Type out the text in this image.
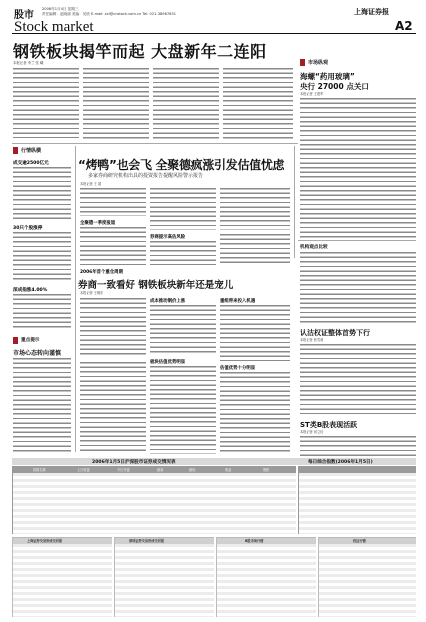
股市
Stock market
2006年1月4日 星期三
责任编辑：赵晓丽 美编：吴欣 E-mail: zxl@cnstock.com.cn Tel: 021-38967631	上海证券报
A2
钢铁板块揭竿而起 大盘新年二连阳
本报记者 李兰 张 曦	市场纵观
海螺“药用玻璃”
央行 27000 点关口
本报记者 王建军
行情纵横
成交逾2500亿元
30只个股涨停
深成指涨4.00%
重点提示
市场心态转向谨慎
“烤鸭”也会飞 全聚德疯涨引发估值忧虑
多家券商研究机构出具的投资报告提醒风险警示报告
本报记者 王 超
全聚德一季度报道
券商提示高估风险
2006年首个重仓周期
机构观点比较
认沽权证整体首势下行
本报记者 张雪莉
ST类B股表现活跃
本报记者 何立佳
券商一致看好 钢铁板块新年还是宠儿
本报记者 王桐东
成本推动钢价上涨
板块估值优势明显
重组带来投入机遇
估值优势十分明显
2006年1月5日沪深股市证券成交情况表	每日综合指数(2006年1月5日)
指数名称	上日收盘	今日开盘	最高	最低	收盘	涨跌
上海证券交易所成交回报	深圳证券交易所成交回报	B股市场行情	权证行情
